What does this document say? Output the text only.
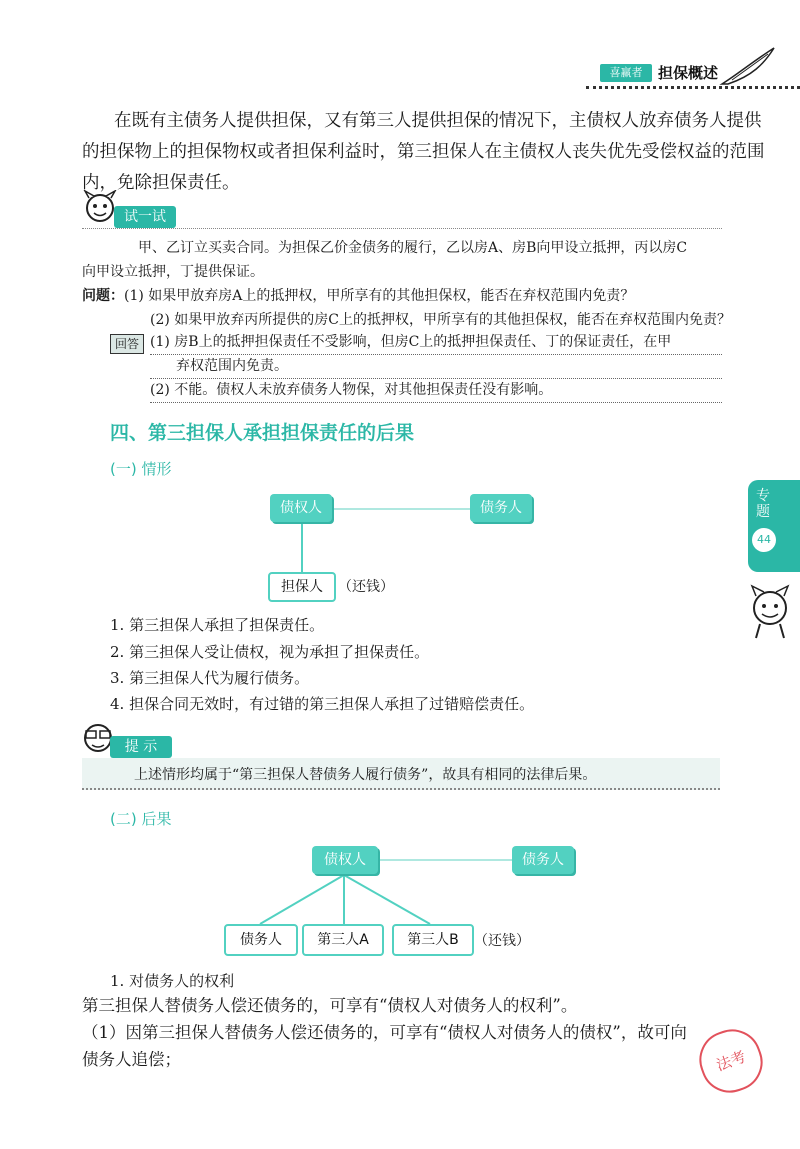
喜赢者	担保概述
在既有主债务人提供担保，又有第三人提供担保的情况下，主债权人放弃债务人提供
的担保物上的担保物权或者担保利益时，第三担保人在主债权人丧失优先受偿权益的范围
内，免除担保责任。
试一试
甲、乙订立买卖合同。为担保乙价金债务的履行，乙以房A、房B向甲设立抵押，丙以房C
向甲设立抵押，丁提供保证。
问题： (1) 如果甲放弃房A上的抵押权，甲所享有的其他担保权，能否在弃权范围内免责？
(2) 如果甲放弃丙所提供的房C上的抵押权，甲所享有的其他担保权，能否在弃权范围内免责？
回答 (1) 房B上的抵押担保责任不受影响，但房C上的抵押担保责任、丁的保证责任，在甲
弃权范围内免责。
(2) 不能。债权人未放弃债务人物保，对其他担保责任没有影响。
四、第三担保人承担担保责任的后果
(一) 情形
债权人	债务人
担保人	（还钱）
1. 第三担保人承担了担保责任。
2. 第三担保人受让债权，视为承担了担保责任。
3. 第三担保人代为履行债务。
4. 担保合同无效时，有过错的第三担保人承担了过错赔偿责任。
提 示
上述情形均属于“第三担保人替债务人履行债务”，故具有相同的法律后果。
(二) 后果
债权人	债务人
债务人	第三人A	第三人B	（还钱）
1. 对债务人的权利
第三担保人替债务人偿还债务的，可享有“债权人对债务人的权利”。
（1）因第三担保人替债务人偿还债务的，可享有“债权人对债务人的债权”，故可向
债务人追偿；
专题
44
法考
